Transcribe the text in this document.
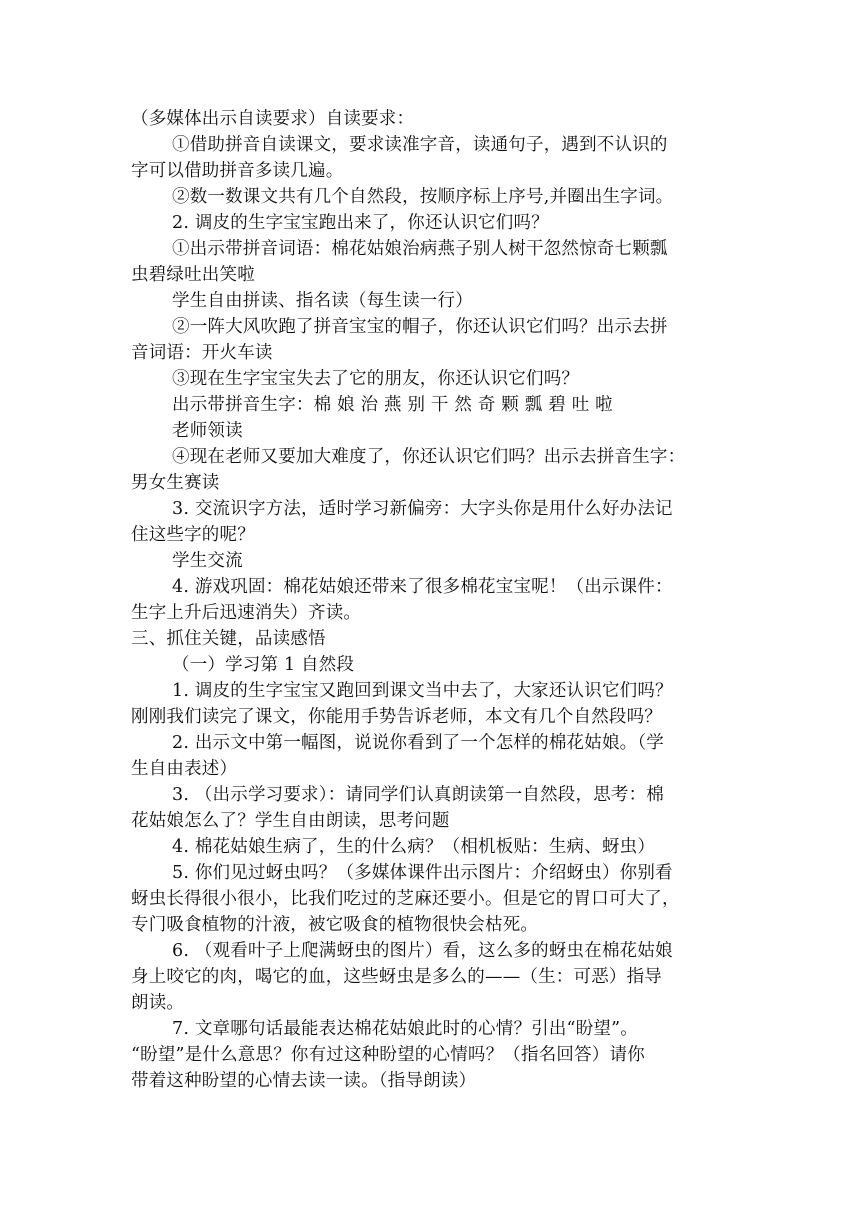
（多媒体出示自读要求）自读要求：
①借助拼音自读课文，要求读准字音，读通句子，遇到不认识的
字可以借助拼音多读几遍。
②数一数课文共有几个自然段，按顺序标上序号,并圈出生字词。
2. 调皮的生字宝宝跑出来了，你还认识它们吗？
①出示带拼音词语：棉花姑娘治病燕子别人树干忽然惊奇七颗瓢
虫碧绿吐出笑啦
学生自由拼读、指名读（每生读一行）
②一阵大风吹跑了拼音宝宝的帽子，你还认识它们吗？出示去拼
音词语：开火车读
③现在生字宝宝失去了它的朋友，你还认识它们吗？
出示带拼音生字：棉 娘 治 燕 别 干 然 奇 颗 瓢 碧 吐 啦
老师领读
④现在老师又要加大难度了，你还认识它们吗？出示去拼音生字：
男女生赛读
3. 交流识字方法，适时学习新偏旁：大字头你是用什么好办法记
住这些字的呢？
学生交流
4. 游戏巩固：棉花姑娘还带来了很多棉花宝宝呢！（出示课件：
生字上升后迅速消失）齐读。
三、抓住关键，品读感悟
（一）学习第 1 自然段
1. 调皮的生字宝宝又跑回到课文当中去了，大家还认识它们吗？
刚刚我们读完了课文，你能用手势告诉老师，本文有几个自然段吗？
2. 出示文中第一幅图，说说你看到了一个怎样的棉花姑娘。（学
生自由表述）
3. （出示学习要求）：请同学们认真朗读第一自然段，思考：棉
花姑娘怎么了？学生自由朗读，思考问题
4. 棉花姑娘生病了，生的什么病？（相机板贴：生病、蚜虫）
5. 你们见过蚜虫吗？（多媒体课件出示图片：介绍蚜虫）你别看
蚜虫长得很小很小，比我们吃过的芝麻还要小。但是它的胃口可大了，
专门吸食植物的汁液，被它吸食的植物很快会枯死。
6. （观看叶子上爬满蚜虫的图片）看，这么多的蚜虫在棉花姑娘
身上咬它的肉，喝它的血，这些蚜虫是多么的——（生：可恶）指导
朗读。
7. 文章哪句话最能表达棉花姑娘此时的心情？引出“盼望”。
“盼望”是什么意思？你有过这种盼望的心情吗？（指名回答）请你
带着这种盼望的心情去读一读。（指导朗读）
